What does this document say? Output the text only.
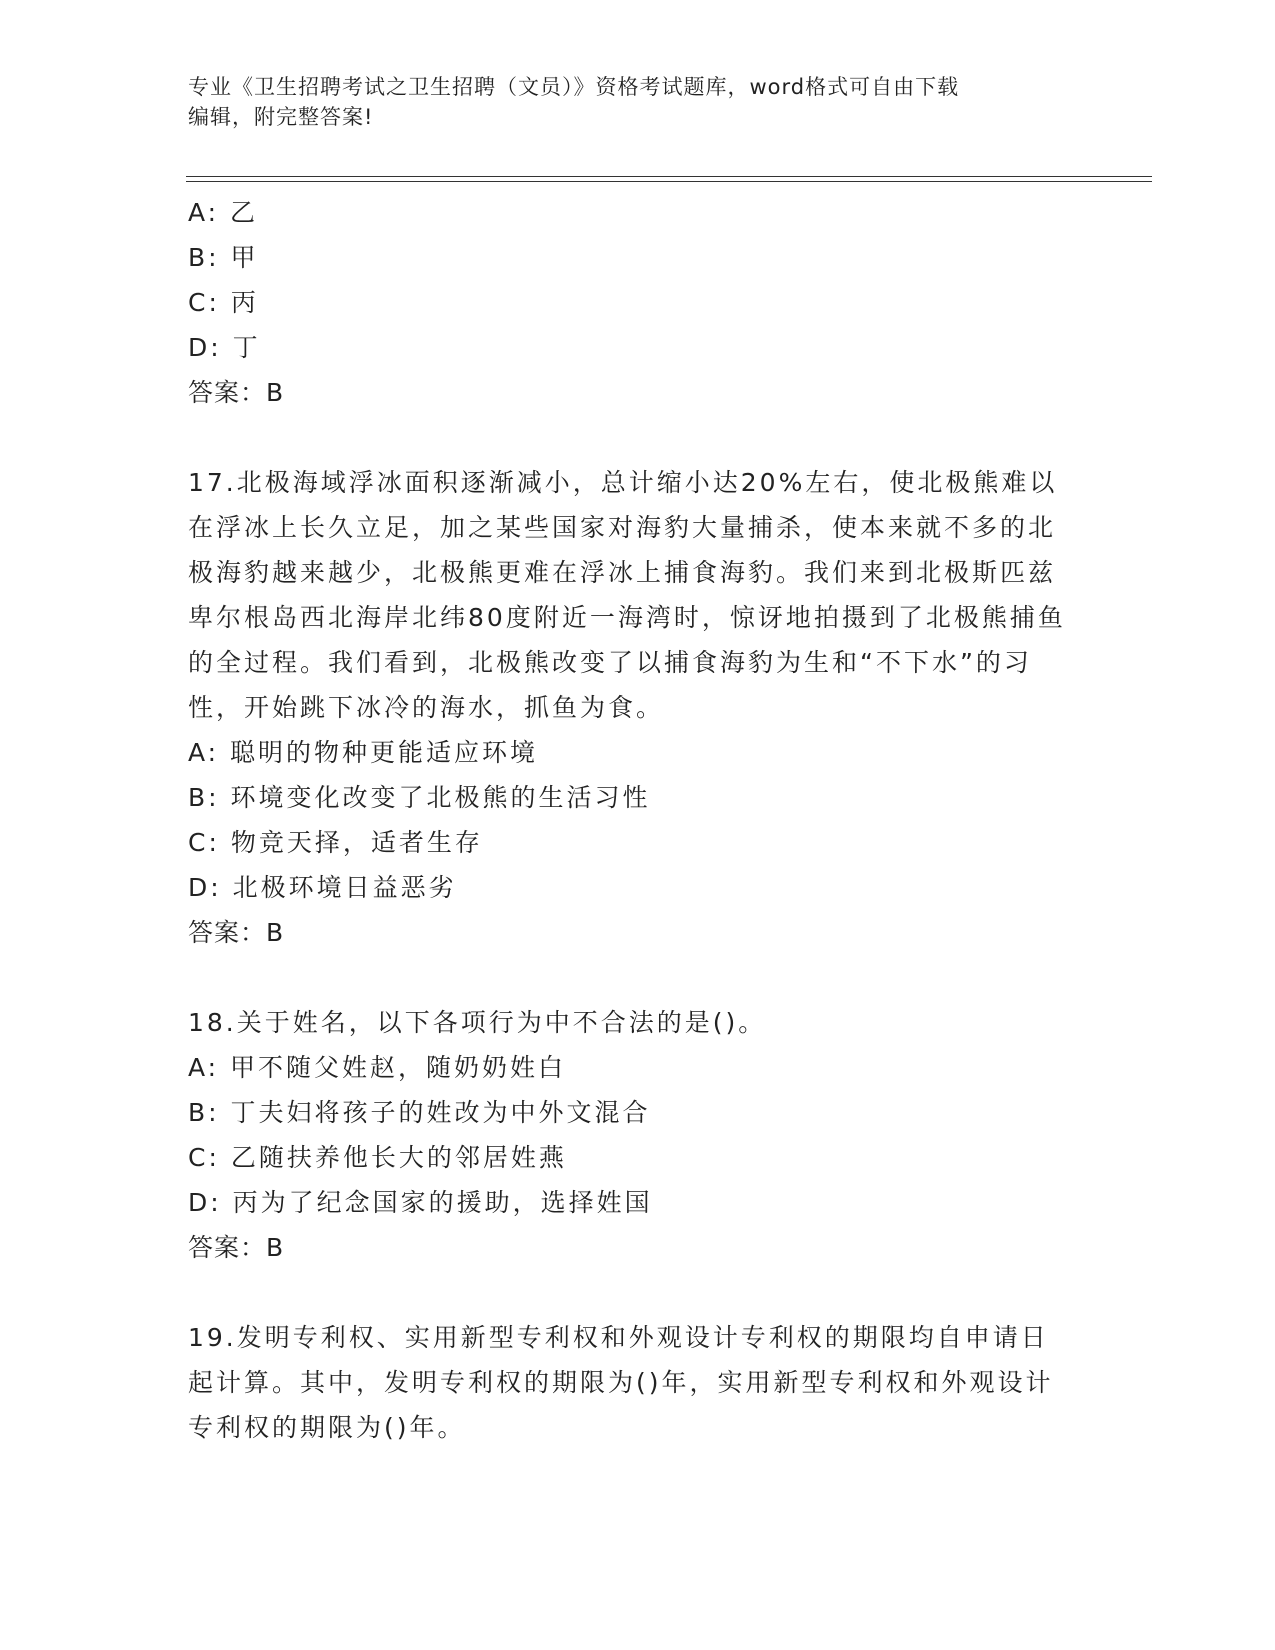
专业《卫生招聘考试之卫生招聘（文员）》资格考试题库，word格式可自由下载
编辑，附完整答案!
A: 乙
B: 甲
C: 丙
D: 丁
答案：B
17.北极海域浮冰面积逐渐减小，总计缩小达20%左右，使北极熊难以在浮冰上长久立足，加之某些国家对海豹大量捕杀，使本来就不多的北极海豹越来越少，北极熊更难在浮冰上捕食海豹。我们来到北极斯匹兹卑尔根岛西北海岸北纬80度附近一海湾时，惊讶地拍摄到了北极熊捕鱼的全过程。我们看到，北极熊改变了以捕食海豹为生和“不下水”的习性，开始跳下冰冷的海水，抓鱼为食。
A: 聪明的物种更能适应环境
B: 环境变化改变了北极熊的生活习性
C: 物竞天择，适者生存
D: 北极环境日益恶劣
答案：B
18.关于姓名，以下各项行为中不合法的是()。
A: 甲不随父姓赵，随奶奶姓白
B: 丁夫妇将孩子的姓改为中外文混合
C: 乙随扶养他长大的邻居姓燕
D: 丙为了纪念国家的援助，选择姓国
答案：B
19.发明专利权、实用新型专利权和外观设计专利权的期限均自申请日起计算。其中，发明专利权的期限为()年，实用新型专利权和外观设计专利权的期限为()年。
